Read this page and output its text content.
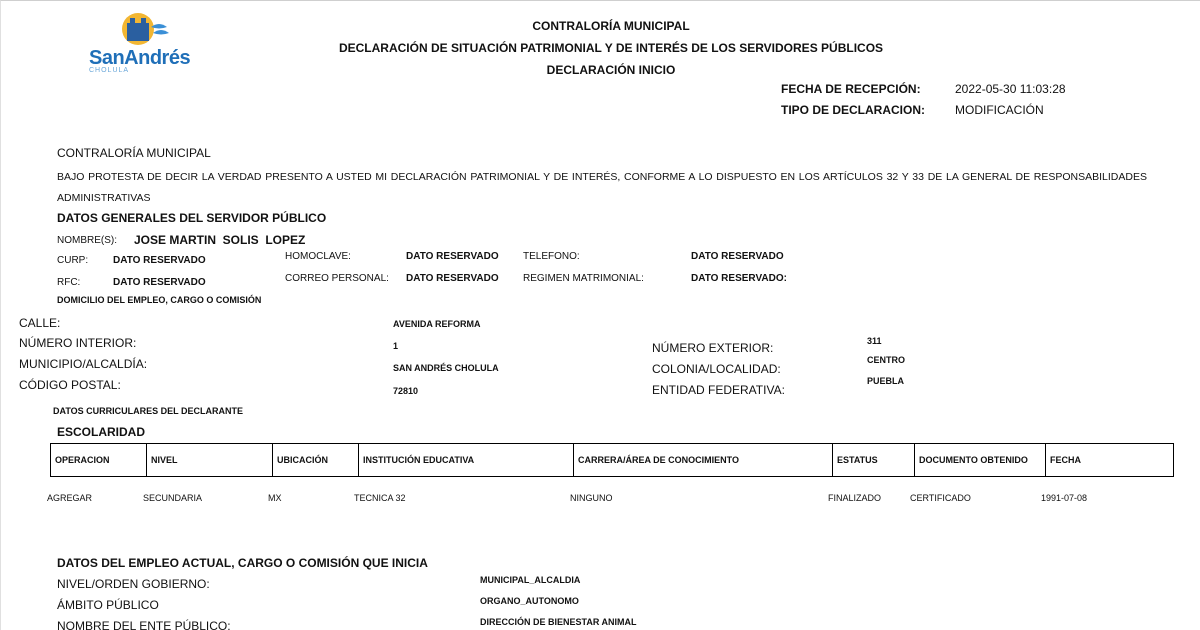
SanAndrés
CHOLULA
CONTRALORÍA MUNICIPAL
DECLARACIÓN DE SITUACIÓN PATRIMONIAL Y DE INTERÉS DE LOS SERVIDORES PÚBLICOS
DECLARACIÓN INICIO
FECHA DE RECEPCIÓN:	2022-05-30 11:03:28
TIPO DE DECLARACION:	MODIFICACIÓN
CONTRALORÍA MUNICIPAL
BAJO PROTESTA DE DECIR LA VERDAD PRESENTO A USTED MI DECLARACIÓN PATRIMONIAL Y DE INTERÉS, CONFORME A LO DISPUESTO EN LOS ARTÍCULOS 32 Y 33 DE LA GENERAL DE RESPONSABILIDADES ADMINISTRATIVAS
DATOS GENERALES DEL SERVIDOR PÚBLICO
NOMBRE(S): JOSE MARTIN  SOLIS  LOPEZ
CURP: DATO RESERVADO
RFC:	DATO RESERVADO
HOMOCLAVE:	DATO RESERVADO
CORREO PERSONAL: DATO RESERVADO
TELEFONO:	DATO RESERVADO
REGIMEN MATRIMONIAL:	DATO RESERVADO:
DOMICILIO DEL EMPLEO, CARGO O COMISIÓN
CALLE:	AVENIDA REFORMA
NÚMERO INTERIOR:	1
MUNICIPIO/ALCALDÍA:	SAN ANDRÉS CHOLULA
CÓDIGO POSTAL:	72810
NÚMERO EXTERIOR:	311
COLONIA/LOCALIDAD:
CENTRO
ENTIDAD FEDERATIVA:
PUEBLA
DATOS CURRICULARES DEL DECLARANTE
ESCOLARIDAD
OPERACION	NIVEL	UBICACIÓN	INSTITUCIÓN EDUCATIVA	CARRERA/ÁREA DE CONOCIMIENTO	ESTATUS	DOCUMENTO OBTENIDO	FECHA
AGREGAR	SECUNDARIA	MX	TECNICA 32	NINGUNO	FINALIZADO	CERTIFICADO	1991-07-08
DATOS DEL EMPLEO ACTUAL, CARGO O COMISIÓN QUE INICIA
NIVEL/ORDEN GOBIERNO:	MUNICIPAL_ALCALDIA
ÁMBITO PÚBLICO	ORGANO_AUTONOMO
NOMBRE DEL ENTE PÚBLICO:	DIRECCIÓN DE BIENESTAR ANIMAL
